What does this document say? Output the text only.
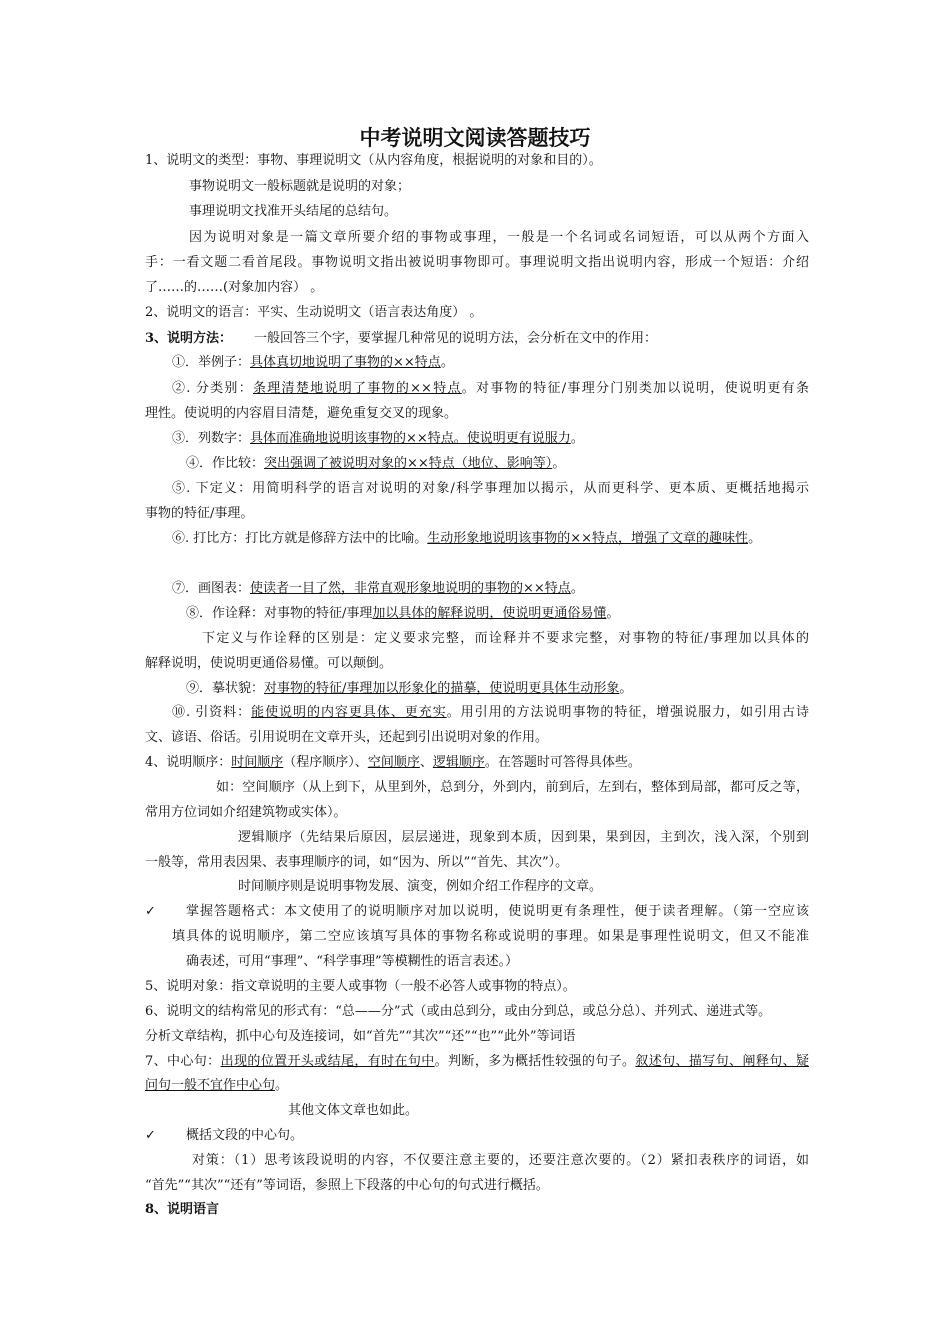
中考说明文阅读答题技巧
1、说明文的类型：事物、事理说明文（从内容角度，根据说明的对象和目的）。
事物说明文一般标题就是说明的对象；
事理说明文找准开头结尾的总结句。
因为说明对象是一篇文章所要介绍的事物或事理，一般是一个名词或名词短语，可以从两个方面入
手：一看文题二看首尾段。事物说明文指出被说明事物即可。事理说明文指出说明内容，形成一个短语：介绍
了……的……(对象加内容） 。
2、说明文的语言：平实、生动说明文（语言表达角度） 。
3、说明方法： 一般回答三个字，要掌握几种常见的说明方法，会分析在文中的作用：
①．举例子：具体真切地说明了事物的××特点。
②. 分类别：条理清楚地说明了事物的××特点。对事物的特征/事理分门别类加以说明，使说明更有条
理性。使说明的内容眉目清楚，避免重复交叉的现象。
③．列数字：具体而准确地说明该事物的××特点。使说明更有说服力。
④．作比较：突出强调了被说明对象的××特点（地位、影响等）。
⑤. 下定义：用简明科学的语言对说明的对象/科学事理加以揭示，从而更科学、更本质、更概括地揭示
事物的特征/事理。
⑥. 打比方：打比方就是修辞方法中的比喻。生动形象地说明该事物的××特点，增强了文章的趣味性。
⑦．画图表：使读者一目了然，非常直观形象地说明的事物的××特点。
⑧．作诠释：对事物的特征/事理加以具体的解释说明，使说明更通俗易懂。
下定义与作诠释的区别是：定义要求完整，而诠释并不要求完整，对事物的特征/事理加以具体的
解释说明，使说明更通俗易懂。可以颠倒。
⑨．摹状貌：对事物的特征/事理加以形象化的描摹，使说明更具体生动形象。
⑩. 引资料：能使说明的内容更具体、更充实。用引用的方法说明事物的特征，增强说服力，如引用古诗
文、谚语、俗话。引用说明在文章开头，还起到引出说明对象的作用。
4、说明顺序：时间顺序（程序顺序）、空间顺序、逻辑顺序。在答题时可答得具体些。
如：空间顺序（从上到下，从里到外，总到分，外到内，前到后，左到右，整体到局部，都可反之等，
常用方位词如介绍建筑物或实体）。
逻辑顺序（先结果后原因，层层递进，现象到本质，因到果，果到因，主到次，浅入深，个别到
一般等，常用表因果、表事理顺序的词，如“因为、所以”“首先、其次”）。
时间顺序则是说明事物发展、演变，例如介绍工作程序的文章。
✓ 掌握答题格式：本文使用了的说明顺序对加以说明，使说明更有条理性，便于读者理解。（第一空应该
填具体的说明顺序，第二空应该填写具体的事物名称或说明的事理。如果是事理性说明文，但又不能准
确表述，可用“事理”、“科学事理”等模糊性的语言表述。）
5、说明对象：指文章说明的主要人或事物（一般不必答人或事物的特点）。
6、说明文的结构常见的形式有：“总——分”式（或由总到分，或由分到总，或总分总）、并列式、递进式等。
分析文章结构，抓中心句及连接词，如“首先”“其次”“还”“也”“此外”等词语
7、中心句：出现的位置开头或结尾，有时在句中。判断，多为概括性较强的句子。叙述句、描写句、阐释句、疑
问句一般不宜作中心句。
其他文体文章也如此。
✓ 概括文段的中心句。
对策：（1）思考该段说明的内容，不仅要注意主要的，还要注意次要的。（2）紧扣表秩序的词语，如
“首先”“其次”“还有”等词语，参照上下段落的中心句的句式进行概括。
8、说明语言
